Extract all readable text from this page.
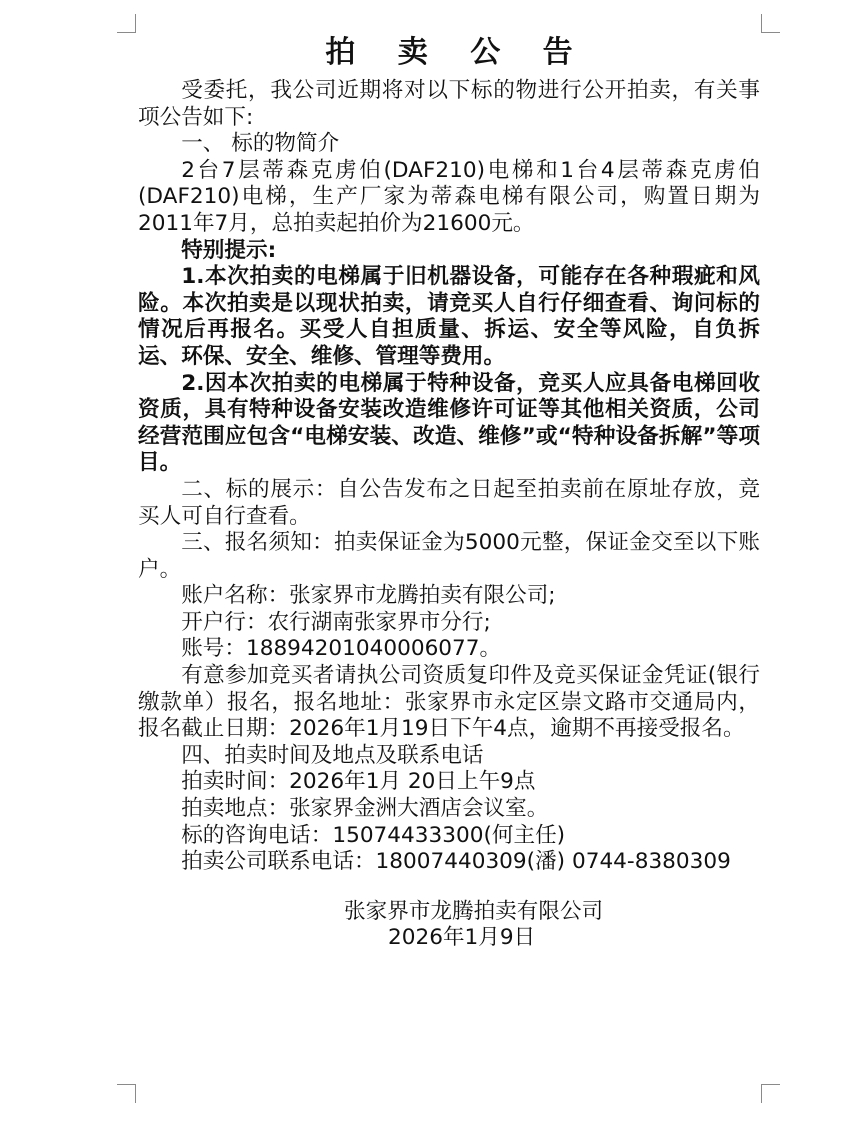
拍 卖 公 告

受委托，我公司近期将对以下标的物进行公开拍卖，有关事项公告如下:

一、 标的物简介

2台7层蒂森克虏伯(DAF210)电梯和1台4层蒂森克虏伯(DAF210)电梯，生产厂家为蒂森电梯有限公司，购置日期为2011年7月，总拍卖起拍价为21600元。

特别提示:

1.本次拍卖的电梯属于旧机器设备，可能存在各种瑕疵和风险。本次拍卖是以现状拍卖，请竞买人自行仔细查看、询问标的情况后再报名。买受人自担质量、拆运、安全等风险，自负拆运、环保、安全、维修、管理等费用。

2.因本次拍卖的电梯属于特种设备，竞买人应具备电梯回收资质，具有特种设备安装改造维修许可证等其他相关资质，公司经营范围应包含“电梯安装、改造、维修”或“特种设备拆解”等项目。

二、标的展示：自公告发布之日起至拍卖前在原址存放，竞买人可自行查看。

三、报名须知：拍卖保证金为5000元整，保证金交至以下账户。

账户名称：张家界市龙腾拍卖有限公司;

开户行：农行湖南张家界市分行;

账号：18894201040006077。

有意参加竞买者请执公司资质复印件及竞买保证金凭证(银行缴款单）报名，报名地址：张家界市永定区崇文路市交通局内，报名截止日期：2026年1月19日下午4点，逾期不再接受报名。

四、拍卖时间及地点及联系电话

拍卖时间：2026年1月 20日上午9点

拍卖地点：张家界金洲大酒店会议室。

标的咨询电话：15074433300(何主任)

拍卖公司联系电话：18007440309(潘) 0744-8380309

张家界市龙腾拍卖有限公司

2026年1月9日
